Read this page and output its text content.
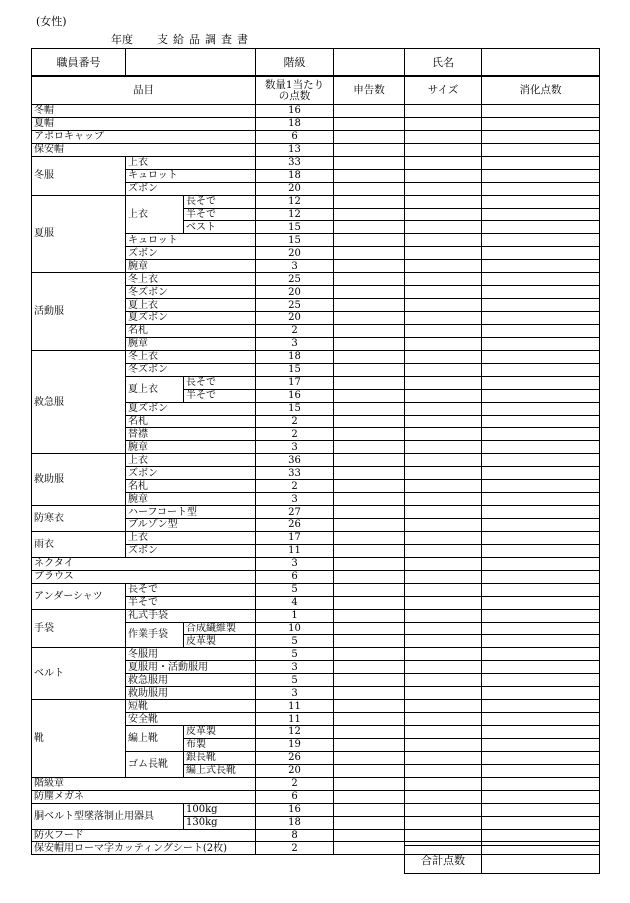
(女性)
年度 支給品調査書
職員番号		階級		氏名	
品目			数量1当たり
の点数	申告数	サイズ	消化点数
冬帽			16			
夏帽			18			
アポロキャップ			6			
保安帽			13			
冬服	上衣		33			
	キュロット		18			
	ズボン		20			
夏服	上衣	長そで	12			
		半そで	12			
		ベスト	15			
	キュロット		15			
	ズボン		20			
	腕章		3			
活動服	冬上衣		25			
	冬ズボン		20			
	夏上衣		25			
	夏ズボン		20			
	名札		2			
	腕章		3			
救急服	冬上衣		18			
	冬ズボン		15			
	夏上衣	長そで	17			
		半そで	16			
	夏ズボン		15			
	名札		2			
	替襟		2			
	腕章		3			
救助服	上衣		36			
	ズボン		33			
	名札		2			
	腕章		3			
防寒衣	ハーフコート型		27			
	ブルゾン型		26			
雨衣	上衣		17			
	ズボン		11			
ネクタイ			3			
ブラウス			6			
アンダーシャツ	長そで		5			
	半そで		4			
手袋	礼式手袋		1			
	作業手袋	合成繊維製	10			
		皮革製	5			
ベルト	冬服用		5			
	夏服用・活動服用		3			
	救急服用		5			
	救助服用		3			
靴	短靴		11			
	安全靴		11			
	編上靴	皮革製	12			
		布製	19			
	ゴム長靴	銀長靴	26			
		編上式長靴	20			
階級章			2			
防塵メガネ			6			
胴ベルト型墜落制止用器具		100kg	16			
		130kg	18			
防火フード			8			
保安帽用ローマ字カッティングシート(2枚)			2			
合計点数	
